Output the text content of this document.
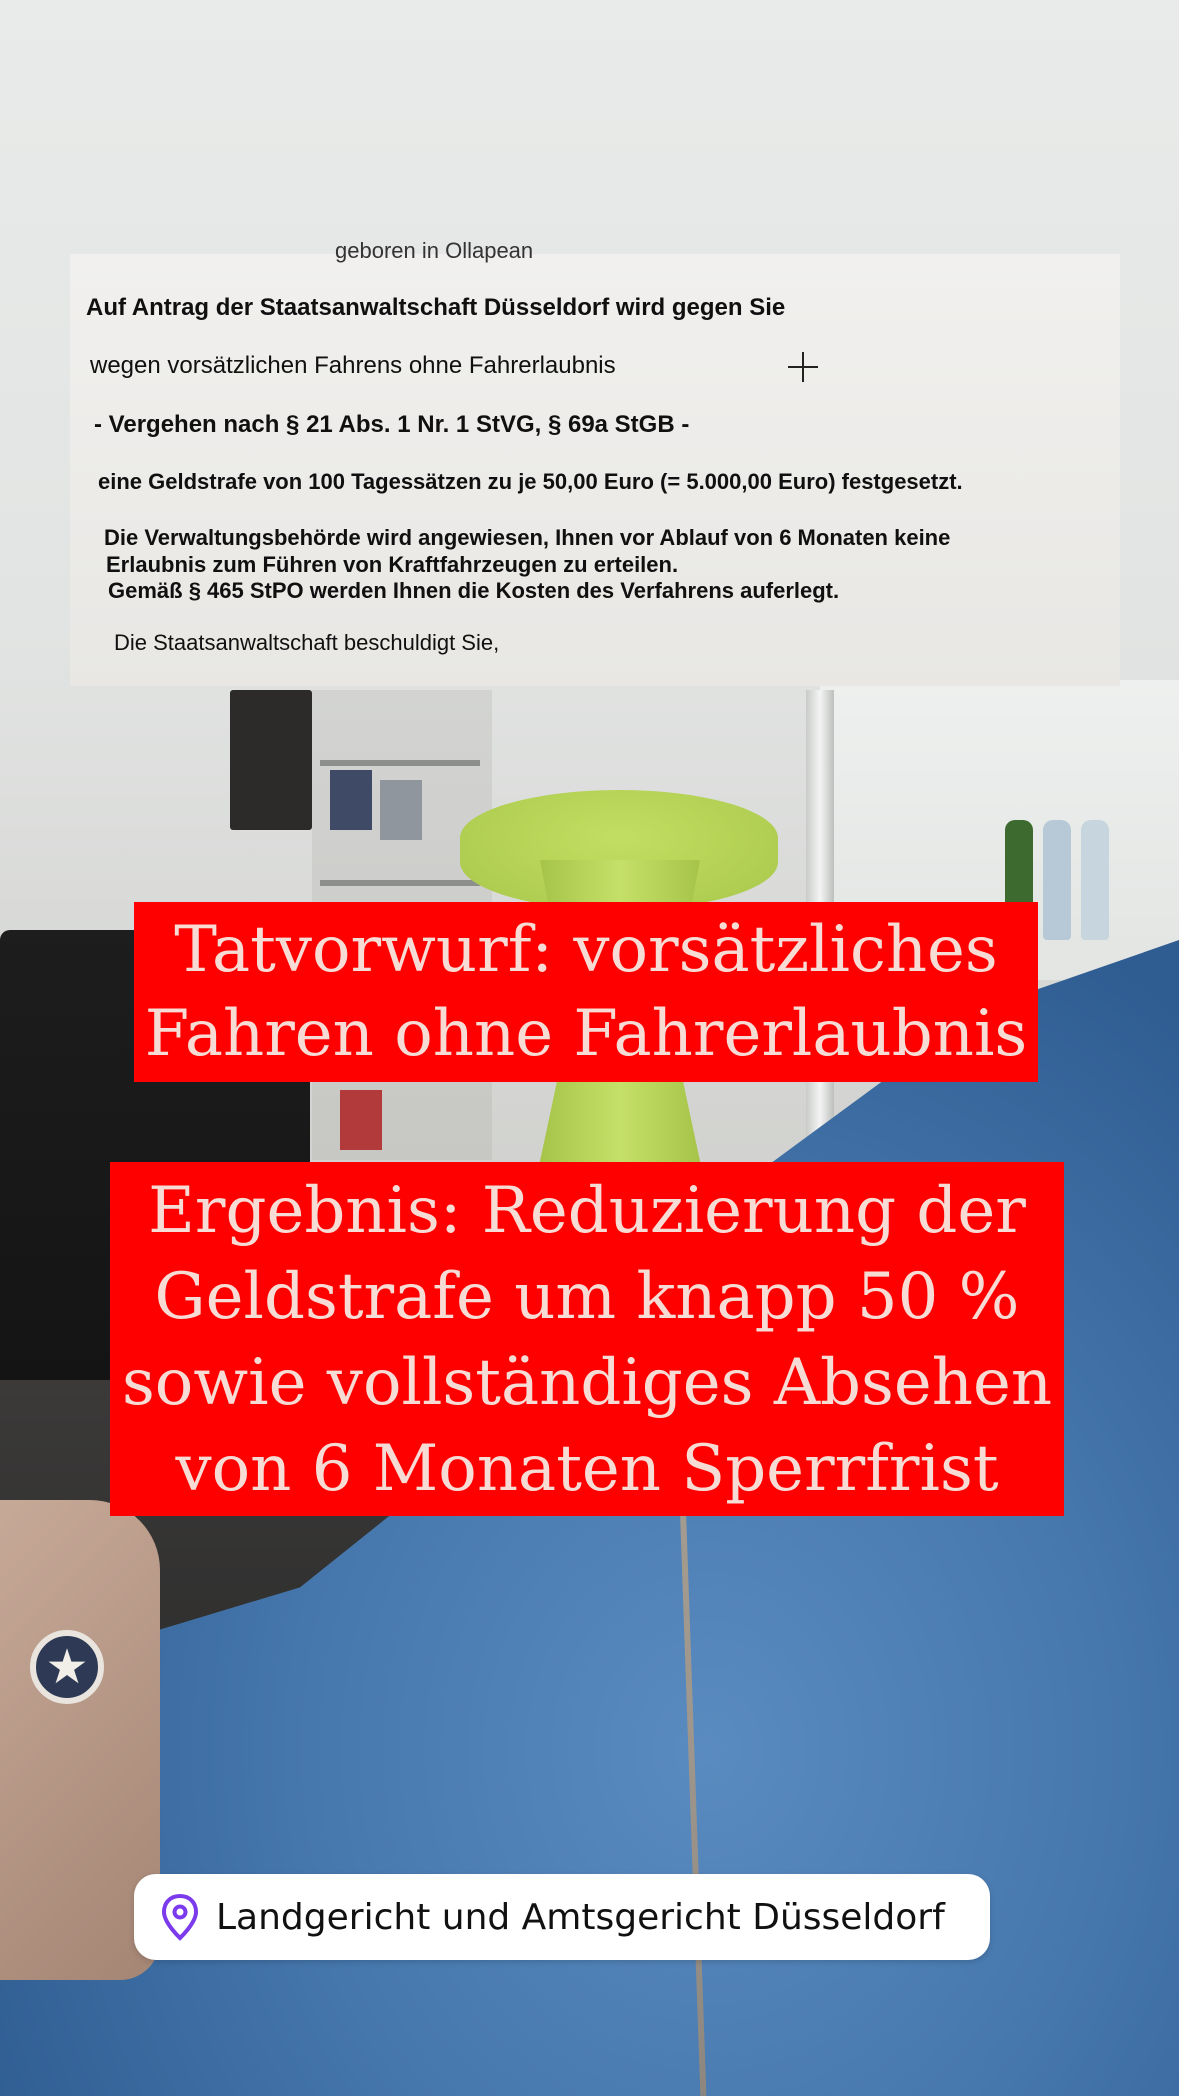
★
geboren in Ollapean
Auf Antrag der Staatsanwaltschaft Düsseldorf wird gegen Sie
wegen vorsätzlichen Fahrens ohne Fahrerlaubnis
- Vergehen nach § 21 Abs. 1 Nr. 1 StVG, § 69a StGB -
eine Geldstrafe von 100 Tagessätzen zu je 50,00 Euro (= 5.000,00 Euro) festgesetzt.
Die Verwaltungsbehörde wird angewiesen, Ihnen vor Ablauf von 6 Monaten keine
Erlaubnis zum Führen von Kraftfahrzeugen zu erteilen.
Gemäß § 465 StPO werden Ihnen die Kosten des Verfahrens auferlegt.
Die Staatsanwaltschaft beschuldigt Sie,
Tatvorwurf: vorsätzliches
Fahren ohne Fahrerlaubnis
Ergebnis: Reduzierung der
Geldstrafe um knapp 50 %
sowie vollständiges Absehen
von 6 Monaten Sperrfrist
Landgericht und Amtsgericht Düsseldorf
